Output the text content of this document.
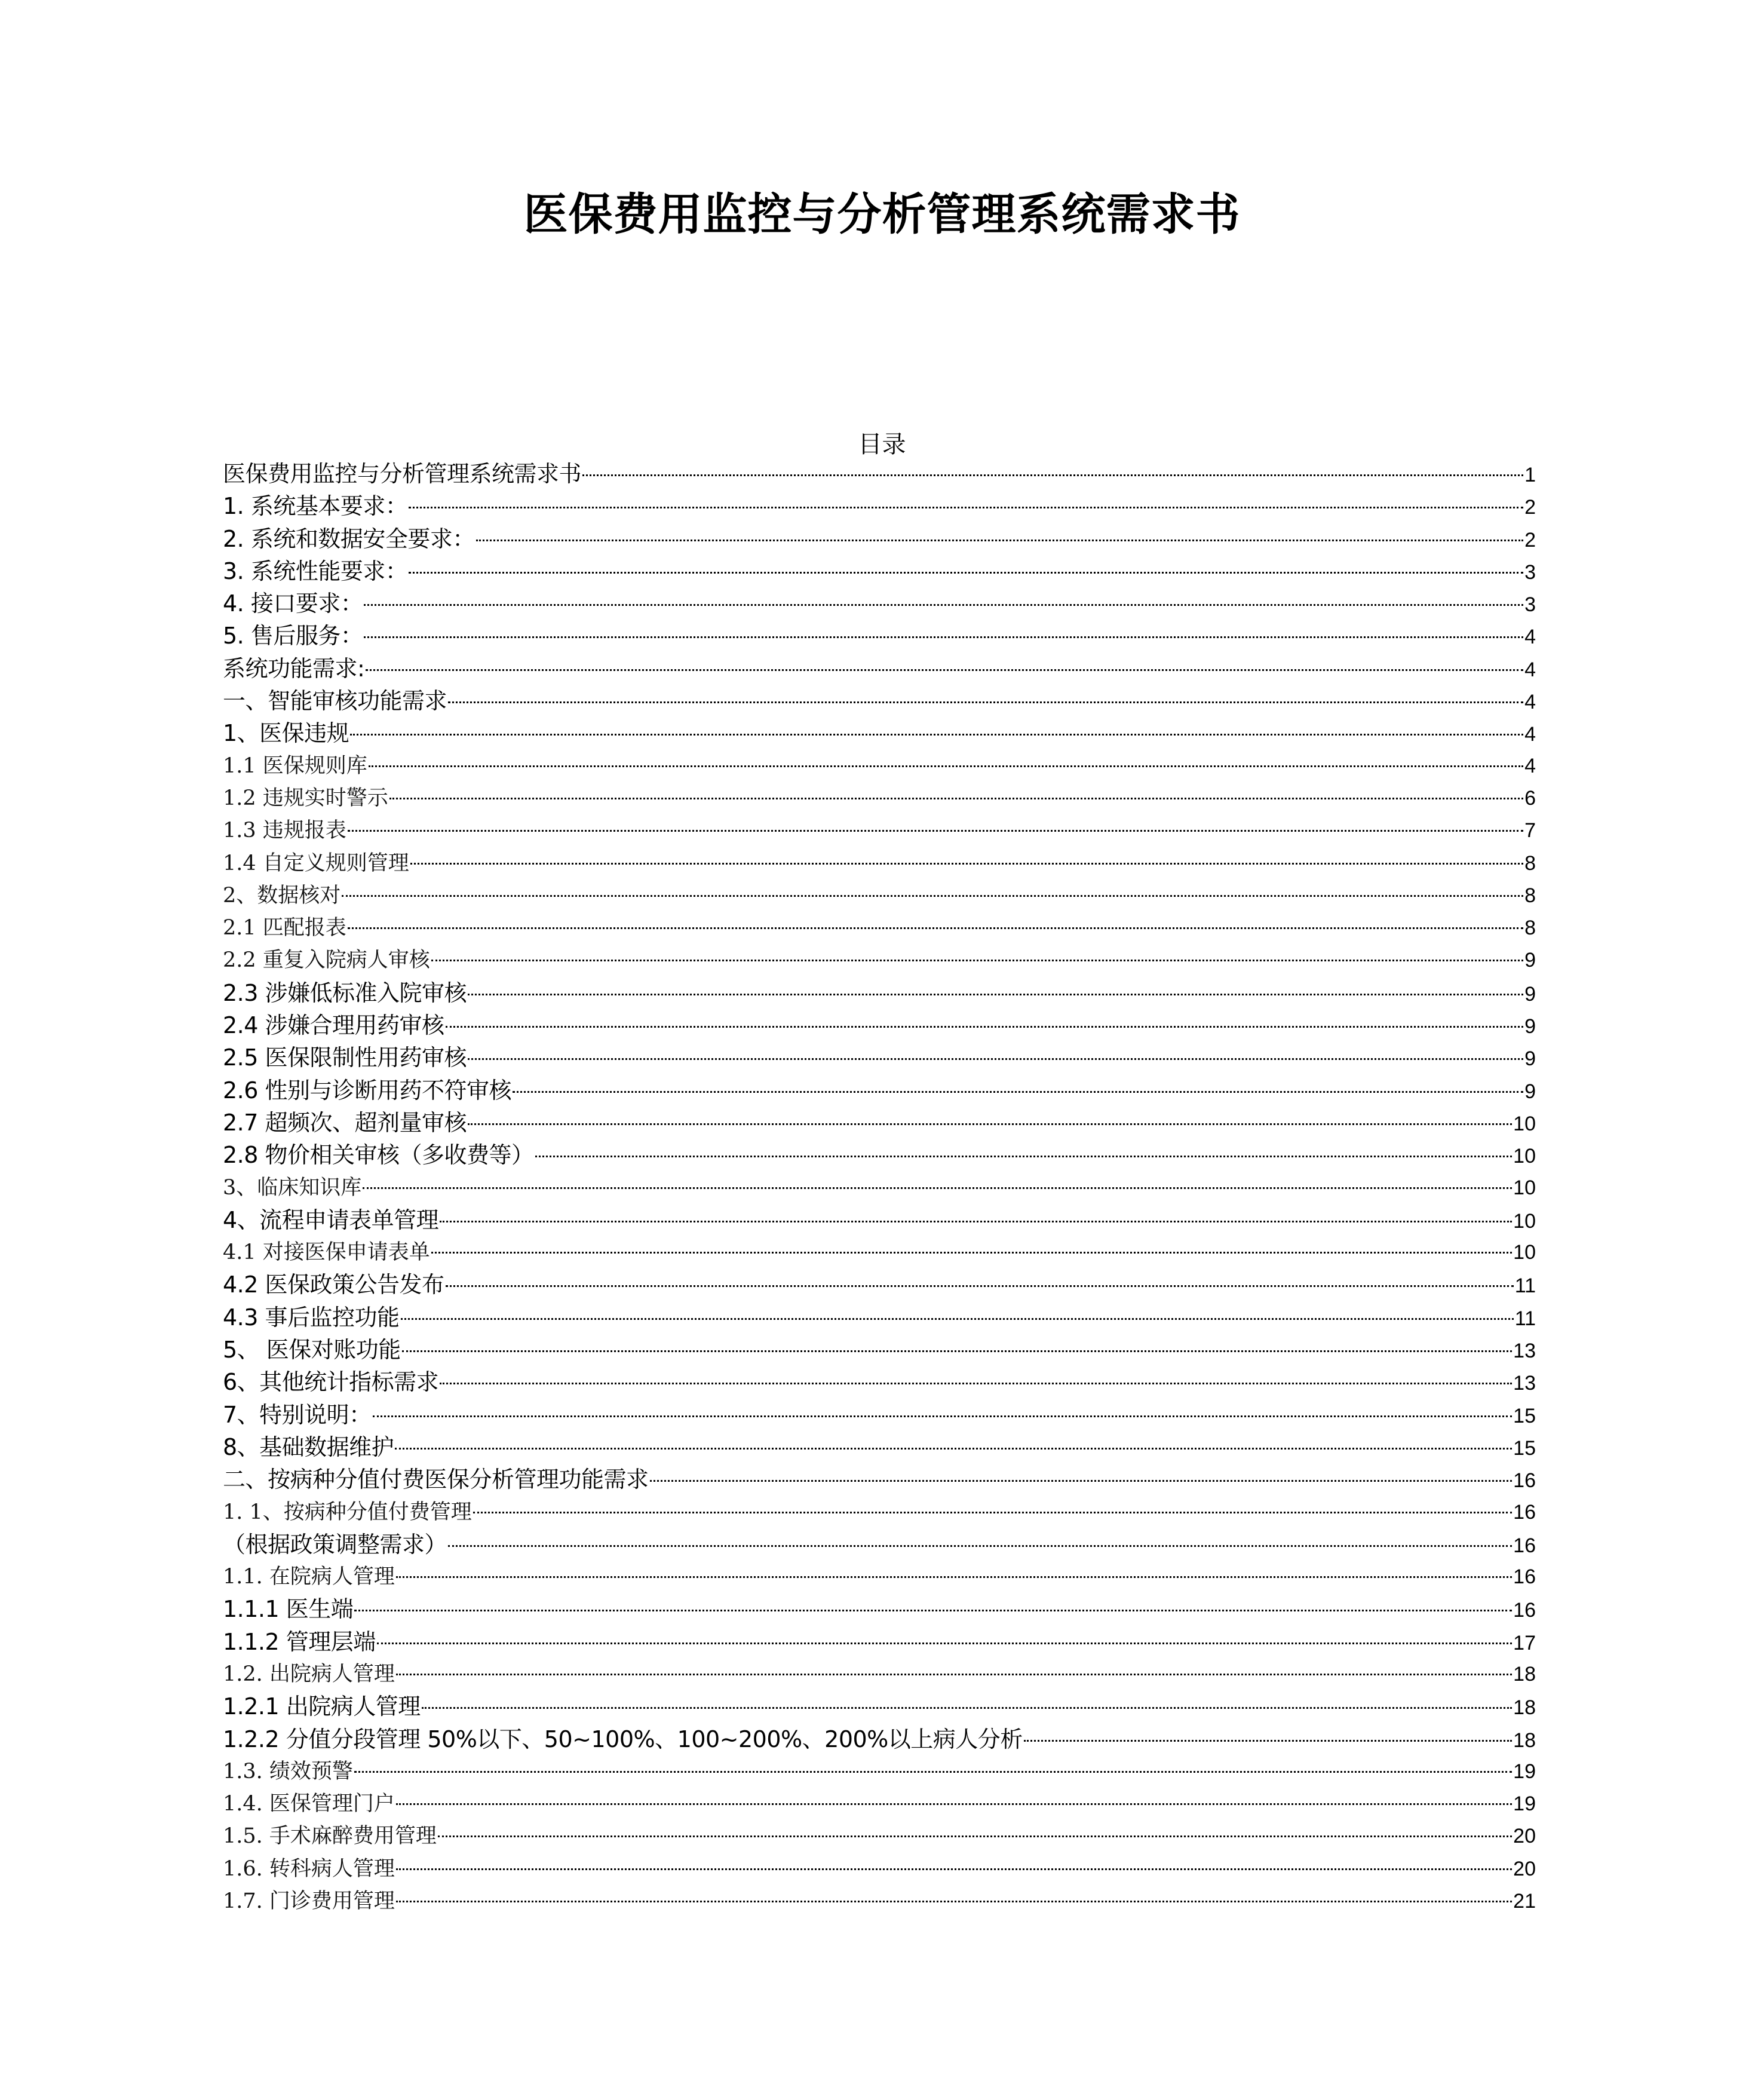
医保费用监控与分析管理系统需求书
目录
医保费用监控与分析管理系统需求书	1
1. 系统基本要求：	2
2. 系统和数据安全要求：	2
3. 系统性能要求：	3
4. 接口要求：	3
5. 售后服务：	4
系统功能需求:	4
一、智能审核功能需求	4
1、医保违规	4
1.1 医保规则库	4
1.2 违规实时警示	6
1.3 违规报表	7
1.4 自定义规则管理	8
2、数据核对	8
2.1 匹配报表	8
2.2 重复入院病人审核	9
2.3 涉嫌低标准入院审核	9
2.4 涉嫌合理用药审核	9
2.5 医保限制性用药审核	9
2.6 性别与诊断用药不符审核	9
2.7 超频次、超剂量审核	10
2.8 物价相关审核（多收费等）	10
3、临床知识库	10
4、流程申请表单管理	10
4.1 对接医保申请表单	10
4.2 医保政策公告发布	11
4.3 事后监控功能	11
5、 医保对账功能	13
6、其他统计指标需求	13
7、特别说明：	15
8、基础数据维护	15
二、按病种分值付费医保分析管理功能需求	16
1. 1、按病种分值付费管理	16
（根据政策调整需求）	16
1.1. 在院病人管理	16
1.1.1 医生端	16
1.1.2 管理层端	17
1.2. 出院病人管理	18
1.2.1 出院病人管理	18
1.2.2 分值分段管理 50%以下、50~100%、100~200%、200%以上病人分析	18
1.3. 绩效预警	19
1.4. 医保管理门户	19
1.5. 手术麻醉费用管理	20
1.6. 转科病人管理	20
1.7. 门诊费用管理	21
